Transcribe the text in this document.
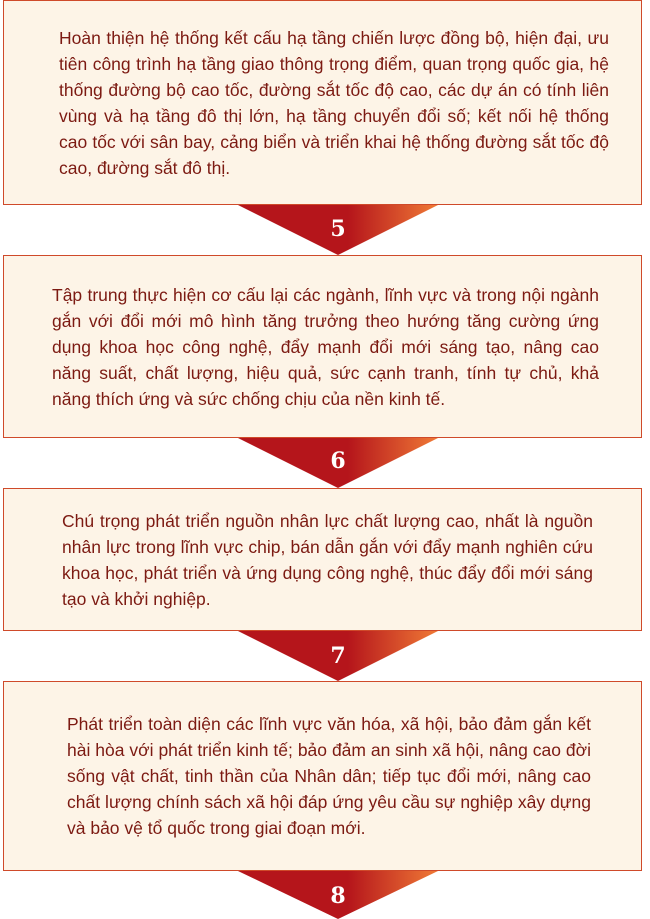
Hoàn thiện hệ thống kết cấu hạ tầng chiến lược đồng bộ, hiện đại, ưu tiên công trình hạ tầng giao thông trọng điểm, quan trọng quốc gia, hệ thống đường bộ cao tốc, đường sắt tốc độ cao, các dự án có tính liên vùng và hạ tầng đô thị lớn, hạ tầng chuyển đổi số; kết nối hệ thống cao tốc với sân bay, cảng biển và triển khai hệ thống đường sắt tốc độ cao, đường sắt đô thị.

5

Tập trung thực hiện cơ cấu lại các ngành, lĩnh vực và trong nội ngành gắn với đổi mới mô hình tăng trưởng theo hướng tăng cường ứng dụng khoa học công nghệ, đẩy mạnh đổi mới sáng tạo, nâng cao năng suất, chất lượng, hiệu quả, sức cạnh tranh, tính tự chủ, khả năng thích ứng và sức chống chịu của nền kinh tế.

6

Chú trọng phát triển nguồn nhân lực chất lượng cao, nhất là nguồn nhân lực trong lĩnh vực chip, bán dẫn gắn với đẩy mạnh nghiên cứu khoa học, phát triển và ứng dụng công nghệ, thúc đẩy đổi mới sáng tạo và khởi nghiệp.

7

Phát triển toàn diện các lĩnh vực văn hóa, xã hội, bảo đảm gắn kết hài hòa với phát triển kinh tế; bảo đảm an sinh xã hội, nâng cao đời sống vật chất, tinh thần của Nhân dân; tiếp tục đổi mới, nâng cao chất lượng chính sách xã hội đáp ứng yêu cầu sự nghiệp xây dựng và bảo vệ tổ quốc trong giai đoạn mới.

8
